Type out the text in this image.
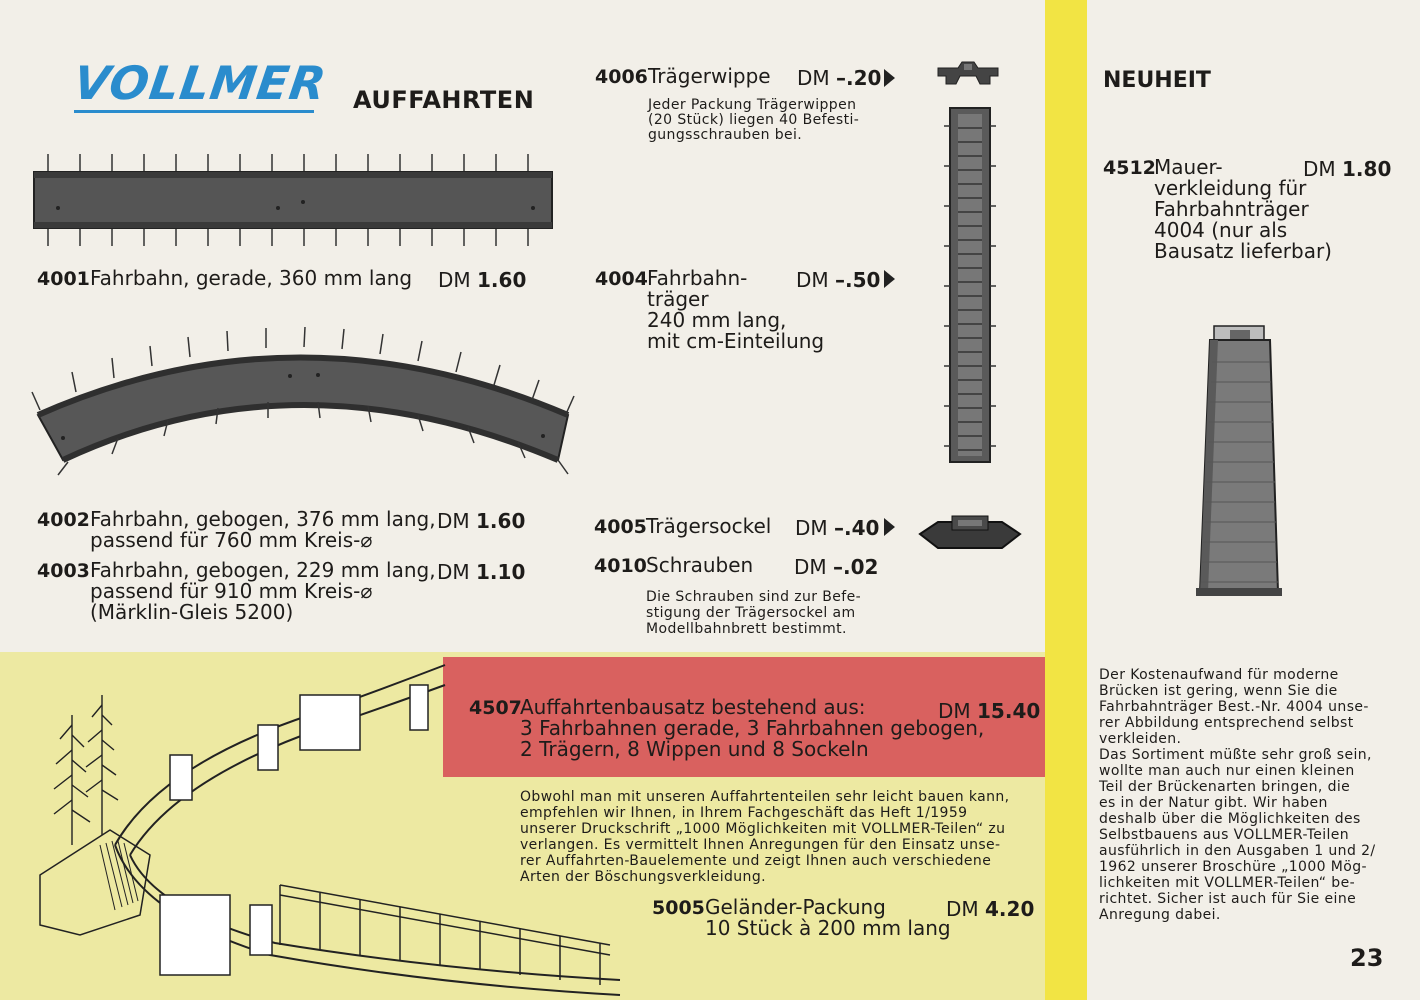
VOLLMER AUFFAHRTEN
4001 Fahrbahn, gerade, 360 mm lang DM 1.60
4002 Fahrbahn, gebogen, 376 mm lang,
passend für 760 mm Kreis-⌀
DM 1.60
4003 Fahrbahn, gebogen, 229 mm lang,
passend für 910 mm Kreis-⌀
(Märklin-Gleis 5200)
DM 1.10
4006 Trägerwippe DM –.20
Jeder Packung Trägerwippen
(20 Stück) liegen 40 Befesti-
gungsschrauben bei.
4004 Fahrbahn-
träger
240 mm lang,
mit cm-Einteilung
DM –.50
4005 Trägersockel DM –.40
4010 Schrauben DM –.02
Die Schrauben sind zur Befe-
stigung der Trägersockel am
Modellbahnbrett bestimmt.
4507
Auffahrtenbausatz bestehend aus:
3 Fahrbahnen gerade, 3 Fahrbahnen gebogen,
2 Trägern, 8 Wippen und 8 Sockeln
DM 15.40
Obwohl man mit unseren Auffahrtenteilen sehr leicht bauen kann,
empfehlen wir Ihnen, in Ihrem Fachgeschäft das Heft 1/1959
unserer Druckschrift „1000 Möglichkeiten mit VOLLMER-Teilen“ zu
verlangen. Es vermittelt Ihnen Anregungen für den Einsatz unse-
rer Auffahrten-Bauelemente und zeigt Ihnen auch verschiedene
Arten der Böschungsverkleidung.
5005 Geländer-Packung
10 Stück à 200 mm lang
DM 4.20
NEUHEIT
4512
Mauer-
verkleidung für
Fahrbahnträger
4004 (nur als
Bausatz lieferbar)
DM 1.80
Der Kostenaufwand für moderne
Brücken ist gering, wenn Sie die
Fahrbahnträger Best.-Nr. 4004 unse-
rer Abbildung entsprechend selbst
verkleiden.
Das Sortiment müßte sehr groß sein,
wollte man auch nur einen kleinen
Teil der Brückenarten bringen, die
es in der Natur gibt. Wir haben
deshalb über die Möglichkeiten des
Selbstbauens aus VOLLMER-Teilen
ausführlich in den Ausgaben 1 und 2/
1962 unserer Broschüre „1000 Mög-
lichkeiten mit VOLLMER-Teilen“ be-
richtet. Sicher ist auch für Sie eine
Anregung dabei.
23
